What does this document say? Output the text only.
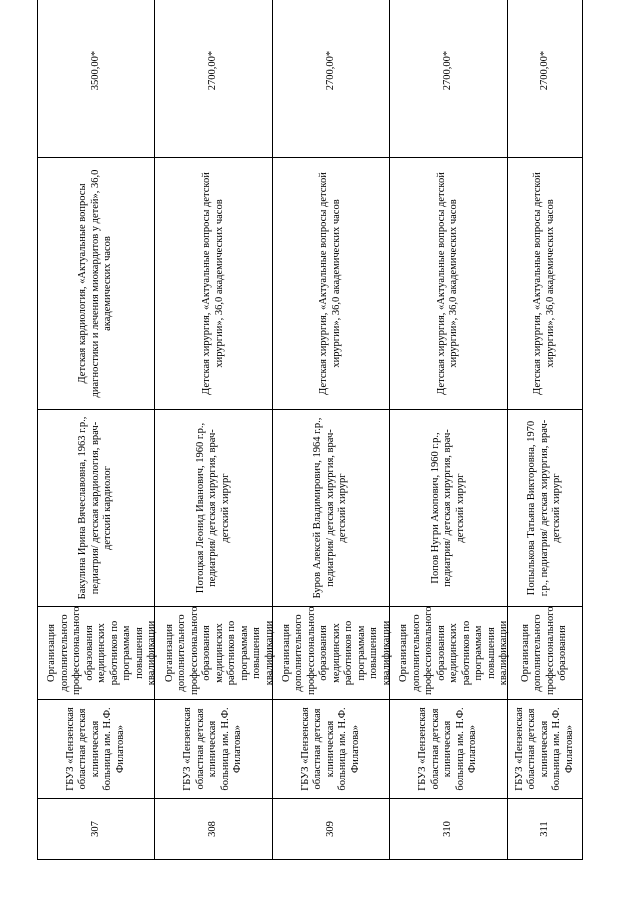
307	ГБУЗ «Пензенская областная детская клиническая больница им. Н.Ф. Филатова»	Организация дополнительного профессионального образования медицинских работников по программам повышения квалификации	Бакулина Ирина Вячеславовна, 1963 г.р., педиатрия/ детская кардиология, врач-детский кардиолог	Детская кардиология, «Актуальные вопросы диагностики и лечения миокардитов у детей», 36,0 академических часов	3500,00*
308	ГБУЗ «Пензенская областная детская клиническая больница им. Н.Ф. Филатова»	Организация дополнительного профессионального образования медицинских работников по программам повышения квалификации	Потоцкая Леонид Иванович, 1960 г.р., педиатрия/ детская хирургия, врач-детский хирург	Детская хирургия, «Актуальные вопросы детской хирургии», 36,0 академических часов	2700,00*
309	ГБУЗ «Пензенская областная детская клиническая больница им. Н.Ф. Филатова»	Организация дополнительного профессионального образования медицинских работников по программам повышения квалификации	Буров Алексей Владимирович, 1964 г.р., педиатрия/ детская хирургия, врач-детский хирург	Детская хирургия, «Актуальные вопросы детской хирургии», 36,0 академических часов	2700,00*
310	ГБУЗ «Пензенская областная детская клиническая больница им. Н.Ф. Филатова»	Организация дополнительного профессионального образования медицинских работников по программам повышения квалификации	Попов Нугри Акопович, 1960 г.р., педиатрия/ детская хирургия, врач-детский хирург	Детская хирургия, «Актуальные вопросы детской хирургии», 36,0 академических часов	2700,00*
311	ГБУЗ «Пензенская областная детская клиническая больница им. Н.Ф. Филатова»	Организация дополнительного профессионального образования	Попылькова Татьяна Викторовна, 1970 г.р., педиатрия/ детская хирургия, врач-детский хирург	Детская хирургия, «Актуальные вопросы детской хирургии», 36,0 академических часов	2700,00*
